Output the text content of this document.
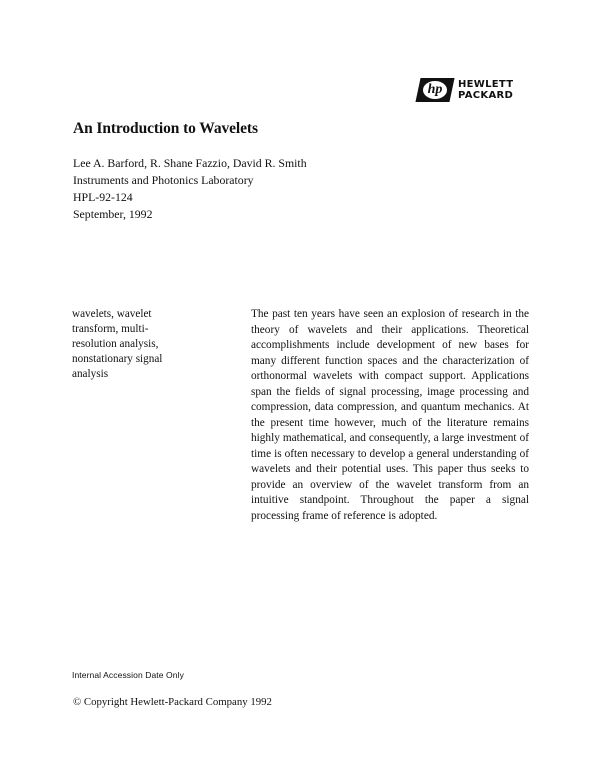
hp	HEWLETT
PACKARD
An Introduction to Wavelets
Lee A. Barford, R. Shane Fazzio, David R. Smith
Instruments and Photonics Laboratory
HPL-92-124
September, 1992
wavelets, wavelet
transform, multi-
resolution analysis,
nonstationary signal
analysis
The past ten years have seen an explosion of research in the theory of wavelets and their applications. Theoretical accomplishments include development of new bases for many different function spaces and the characterization of orthonormal wavelets with compact support. Applications span the fields of signal processing, image processing and compression, data compression, and quantum mechanics. At the present time however, much of the literature remains highly mathematical, and consequently, a large investment of time is often necessary to develop a general understanding of wavelets and their potential uses. This paper thus seeks to provide an overview of the wavelet transform from an intuitive standpoint. Throughout the paper a signal processing frame of reference is adopted.
Internal Accession Date Only
© Copyright Hewlett-Packard Company 1992
